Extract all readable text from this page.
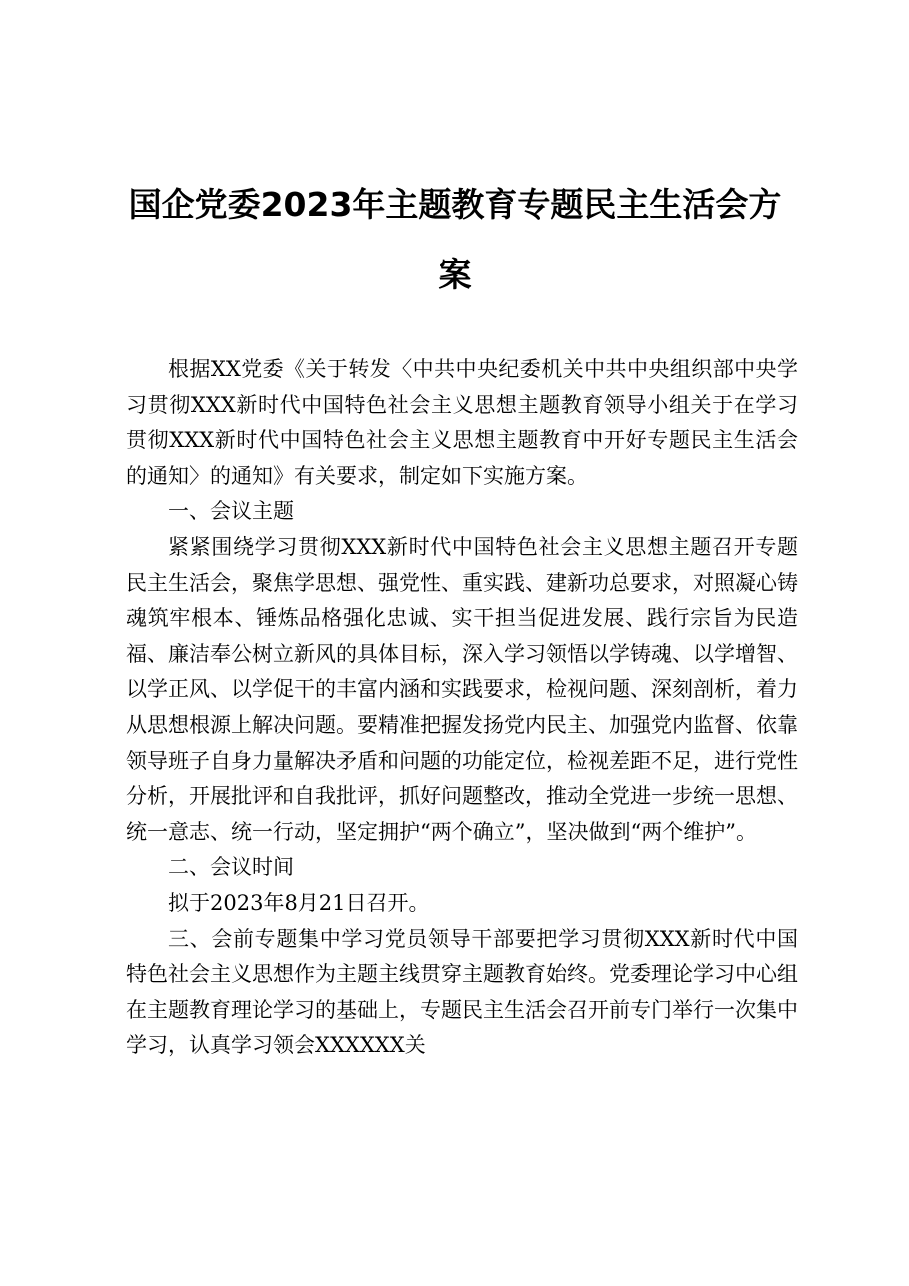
国企党委2023年主题教育专题民主生活会方案

根据XX党委《关于转发〈中共中央纪委机关中共中央组织部中央学习贯彻XXX新时代中国特色社会主义思想主题教育领导小组关于在学习贯彻XXX新时代中国特色社会主义思想主题教育中开好专题民主生活会的通知〉的通知》有关要求，制定如下实施方案。

一、会议主题

紧紧围绕学习贯彻XXX新时代中国特色社会主义思想主题召开专题民主生活会，聚焦学思想、强党性、重实践、建新功总要求，对照凝心铸魂筑牢根本、锤炼品格强化忠诚、实干担当促进发展、践行宗旨为民造福、廉洁奉公树立新风的具体目标，深入学习领悟以学铸魂、以学增智、以学正风、以学促干的丰富内涵和实践要求，检视问题、深刻剖析，着力从思想根源上解决问题。要精准把握发扬党内民主、加强党内监督、依靠领导班子自身力量解决矛盾和问题的功能定位，检视差距不足，进行党性分析，开展批评和自我批评，抓好问题整改，推动全党进一步统一思想、统一意志、统一行动，坚定拥护“两个确立”，坚决做到“两个维护”。

二、会议时间

拟于2023年8月21日召开。

三、会前专题集中学习党员领导干部要把学习贯彻XXX新时代中国特色社会主义思想作为主题主线贯穿主题教育始终。党委理论学习中心组在主题教育理论学习的基础上，专题民主生活会召开前专门举行一次集中学习，认真学习领会XXXXXX关
